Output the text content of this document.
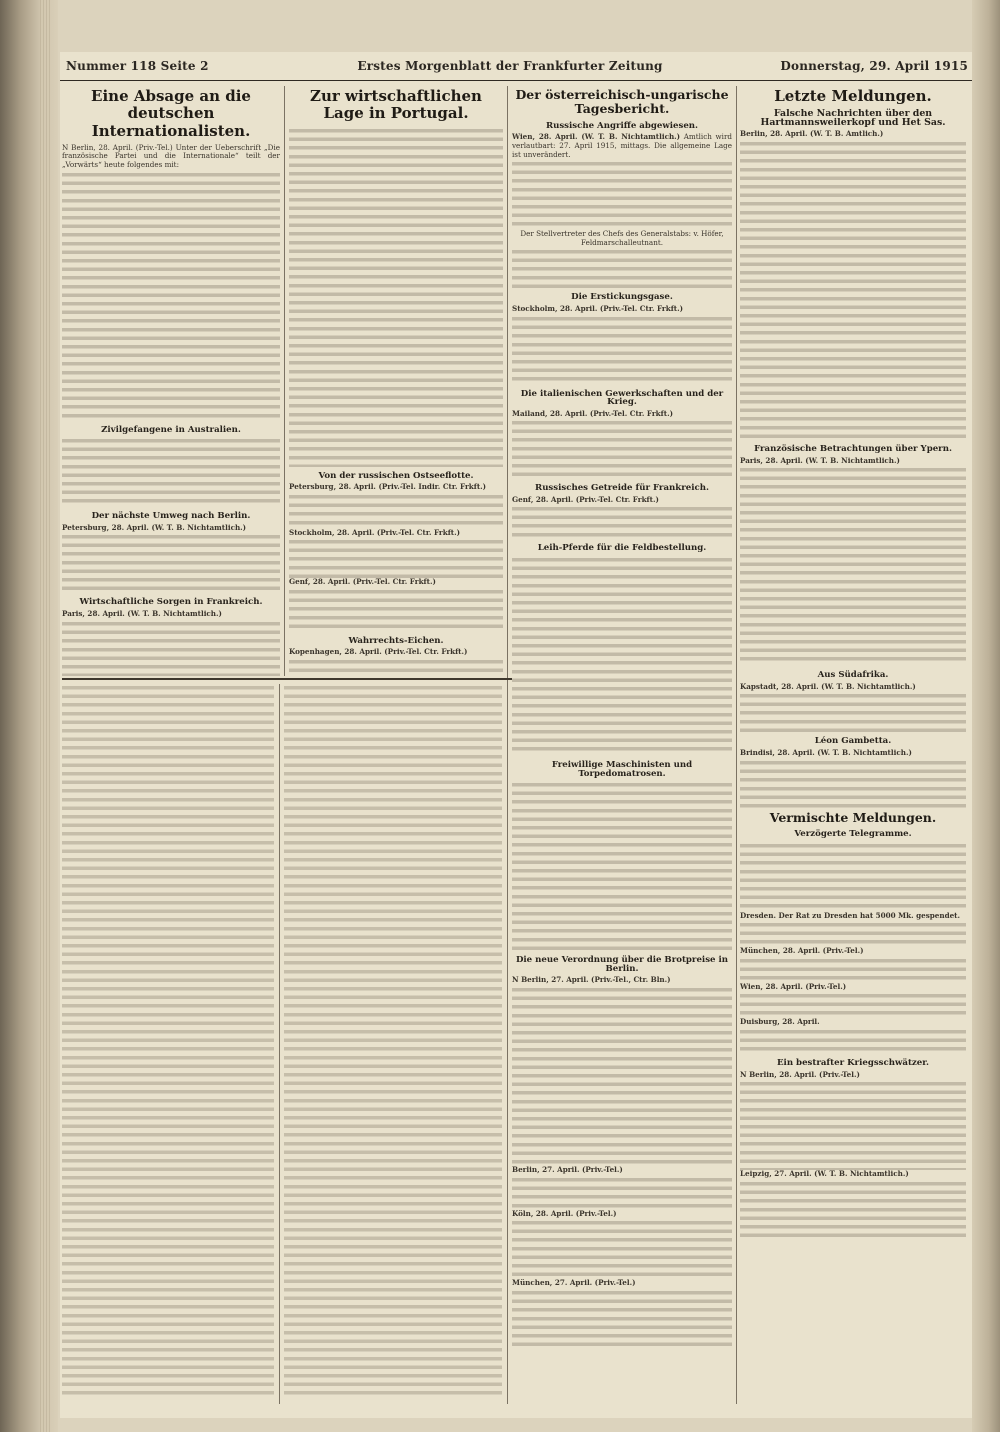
Nummer 118 Seite 2	Erstes Morgenblatt der Frankfurter Zeitung	Donnerstag, 29. April 1915
Eine Absage an die deutschen Internationalisten.

N Berlin, 28. April. (Priv.-Tel.) Unter der Ueberschrift „Die französische Partei und die Internationale“ teilt der „Vorwärts“ heute folgendes mit:

Zivilgefangene in Australien.
Der nächste Umweg nach Berlin.

Petersburg, 28. April. (W. T. B. Nichtamtlich.)

Wirtschaftliche Sorgen in Frankreich.

Paris, 28. April. (W. T. B. Nichtamtlich.)

Zur wirtschaftlichen Lage in Portugal.
Von der russischen Ostseeflotte.

Petersburg, 28. April. (Priv.-Tel. Indir. Ctr. Frkft.)

Stockholm, 28. April. (Priv.-Tel. Ctr. Frkft.)

Genf, 28. April. (Priv.-Tel. Ctr. Frkft.)

Wahrrechts-Eichen.

Kopenhagen, 28. April. (Priv.-Tel. Ctr. Frkft.)

Der österreichisch-ungarische Tagesbericht.
Russische Angriffe abgewiesen.

Wien, 28. April. (W. T. B. Nichtamtlich.) Amtlich wird verlautbart: 27. April 1915, mittags. Die allgemeine Lage ist unverändert.

Der Stellvertreter des Chefs des Generalstabs: v. Höfer, Feldmarschalleutnant.

Die Erstickungsgase.

Stockholm, 28. April. (Priv.-Tel. Ctr. Frkft.)

Die italienischen Gewerkschaften und der Krieg.

Mailand, 28. April. (Priv.-Tel. Ctr. Frkft.)

Russisches Getreide für Frankreich.

Genf, 28. April. (Priv.-Tel. Ctr. Frkft.)

Leih-Pferde für die Feldbestellung.
Freiwillige Maschinisten und Torpedomatrosen.
Die neue Verordnung über die Brotpreise in Berlin.

N Berlin, 27. April. (Priv.-Tel., Ctr. Bln.)

Berlin, 27. April. (Priv.-Tel.)

Köln, 28. April. (Priv.-Tel.)

München, 27. April. (Priv.-Tel.)

Letzte Meldungen.
Falsche Nachrichten über den Hartmannsweilerkopf und Het Sas.

Berlin, 28. April. (W. T. B. Amtlich.)

Französische Betrachtungen über Ypern.

Paris, 28. April. (W. T. B. Nichtamtlich.)

Aus Südafrika.

Kapstadt, 28. April. (W. T. B. Nichtamtlich.)

Léon Gambetta.

Brindisi, 28. April. (W. T. B. Nichtamtlich.)

Vermischte Meldungen.
Verzögerte Telegramme.

Dresden. Der Rat zu Dresden hat 5000 Mk. gespendet.

München, 28. April. (Priv.-Tel.)

Wien, 28. April. (Priv.-Tel.)

Duisburg, 28. April.

Ein bestrafter Kriegsschwätzer.

N Berlin, 28. April. (Priv.-Tel.)

Leipzig, 27. April. (W. T. B. Nichtamtlich.)
